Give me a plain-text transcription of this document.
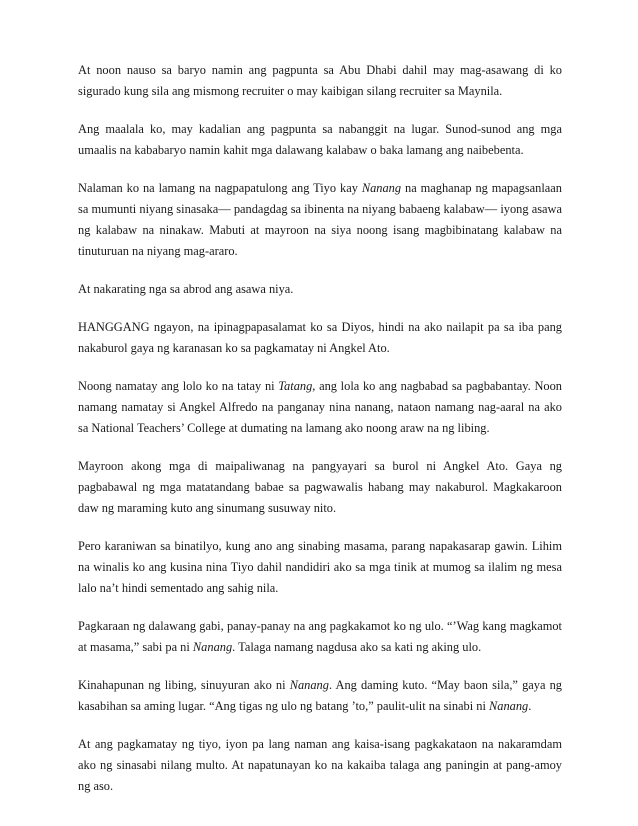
At noon nauso sa baryo namin ang pagpunta sa Abu Dhabi dahil may mag-asawang di ko sigurado kung sila ang mismong recruiter o may kaibigan silang recruiter sa Maynila.

Ang maalala ko, may kadalian ang pagpunta sa nabanggit na lugar. Sunod-sunod ang mga umaalis na kababaryo namin kahit mga dalawang kalabaw o baka lamang ang naibebenta.

Nalaman ko na lamang na nagpapatulong ang Tiyo kay Nanang na maghanap ng mapagsanlaan sa mumunti niyang sinasaka— pandagdag sa ibinenta na niyang babaeng kalabaw— iyong asawa ng kalabaw na ninakaw. Mabuti at mayroon na siya noong isang magbibinatang kalabaw na tinuturuan na niyang mag-araro.

At nakarating nga sa abrod ang asawa niya.

HANGGANG ngayon, na ipinagpapasalamat ko sa Diyos, hindi na ako nailapit pa sa iba pang nakaburol gaya ng karanasan ko sa pagkamatay ni Angkel Ato.

Noong namatay ang lolo ko na tatay ni Tatang, ang lola ko ang nagbabad sa pagbabantay. Noon namang namatay si Angkel Alfredo na panganay nina nanang, nataon namang nag-aaral na ako sa National Teachers’ College at dumating na lamang ako noong araw na ng libing.

Mayroon akong mga di maipaliwanag na pangyayari sa burol ni Angkel Ato. Gaya ng pagbabawal ng mga matatandang babae sa pagwawalis habang may nakaburol. Magkakaroon daw ng maraming kuto ang sinumang susuway nito.

Pero karaniwan sa binatilyo, kung ano ang sinabing masama, parang napakasarap gawin. Lihim na winalis ko ang kusina nina Tiyo dahil nandidiri ako sa mga tinik at mumog sa ilalim ng mesa lalo na’t hindi sementado ang sahig nila.

Pagkaraan ng dalawang gabi, panay-panay na ang pagkakamot ko ng ulo. “’Wag kang magkamot at masama,” sabi pa ni Nanang. Talaga namang nagdusa ako sa kati ng aking ulo.

Kinahapunan ng libing, sinuyuran ako ni Nanang. Ang daming kuto. “May baon sila,” gaya ng kasabihan sa aming lugar. “Ang tigas ng ulo ng batang ’to,” paulit-ulit na sinabi ni Nanang.

At ang pagkamatay ng tiyo, iyon pa lang naman ang kaisa-isang pagkakataon na nakaramdam ako ng sinasabi nilang multo. At napatunayan ko na kakaiba talaga ang paningin at pang-amoy ng aso.
